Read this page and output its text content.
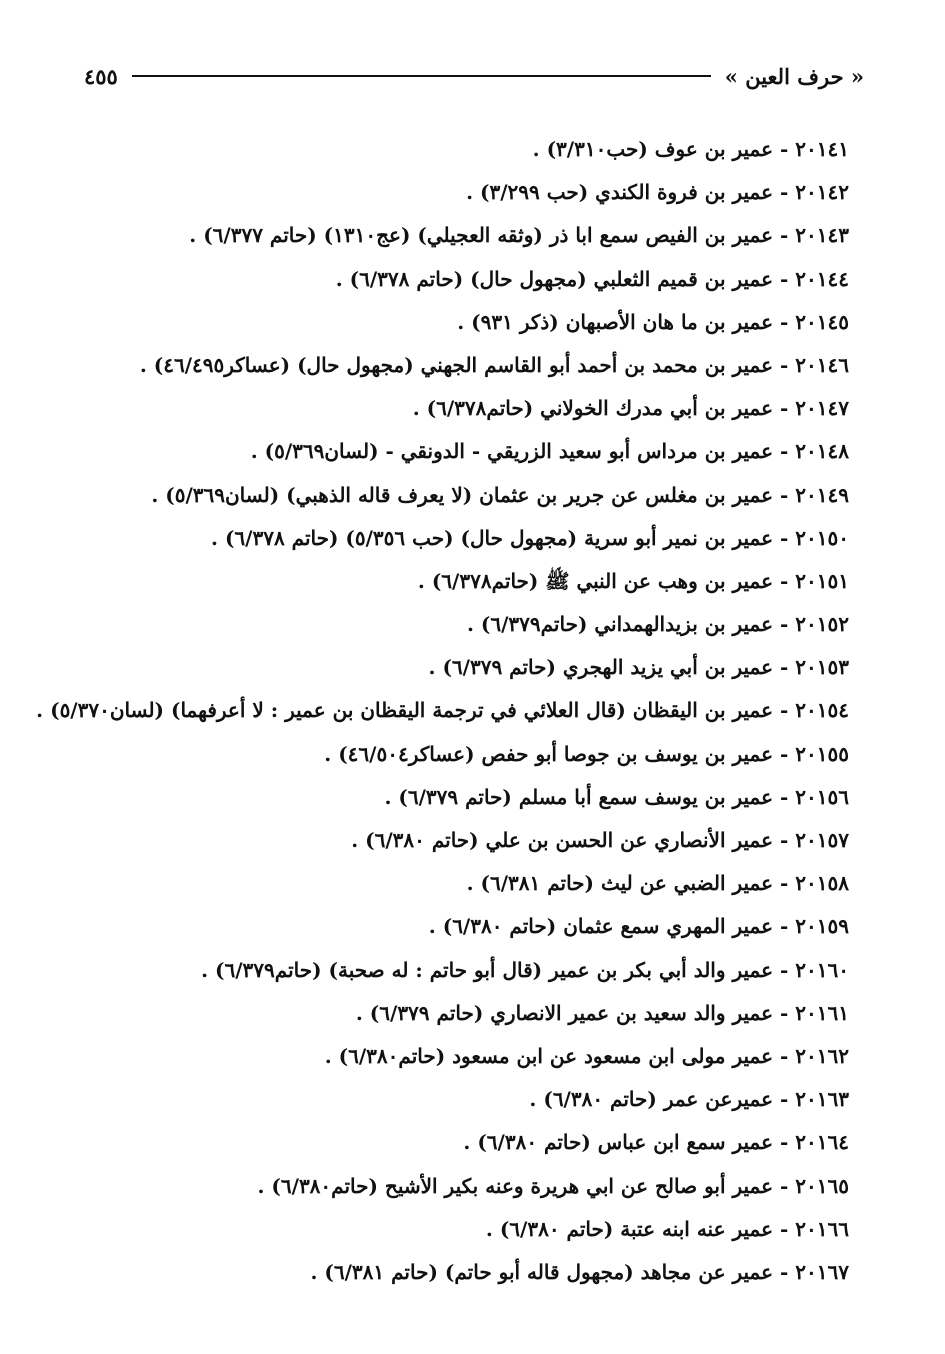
« حرف العين »
٤٥٥
٢٠١٤١ - عمير بن عوف (حب٣/٣١٠) .
٢٠١٤٢ - عمير بن فروة الكندي (حب ٣/٢٩٩) .
٢٠١٤٣ - عمير بن الفيص سمع ابا ذر (وثقه العجيلي) (عج١٣١٠) (حاتم ٦/٣٧٧) .
٢٠١٤٤ - عمير بن قميم الثعلبي (مجهول حال) (حاتم ٦/٣٧٨) .
٢٠١٤٥ - عمير بن ما هان الأصبهان (ذكر ٩٣١) .
٢٠١٤٦ - عمير بن محمد بن أحمد أبو القاسم الجهني (مجهول حال) (عساكر٤٦/٤٩٥) .
٢٠١٤٧ - عمير بن أبي مدرك الخولاني (حاتم٦/٣٧٨) .
٢٠١٤٨ - عمير بن مرداس أبو سعيد الزريقي - الدونقي - (لسان٥/٣٦٩) .
٢٠١٤٩ - عمير بن مغلس عن جرير بن عثمان (لا يعرف قاله الذهبي) (لسان٥/٣٦٩) .
٢٠١٥٠ - عمير بن نمير أبو سرية (مجهول حال) (حب ٥/٣٥٦) (حاتم ٦/٣٧٨) .
٢٠١٥١ - عمير بن وهب عن النبي ﷺ (حاتم٦/٣٧٨) .
٢٠١٥٢ - عمير بن بزيدالهمداني (حاتم٦/٣٧٩) .
٢٠١٥٣ - عمير بن أبي يزيد الهجري (حاتم ٦/٣٧٩) .
٢٠١٥٤ - عمير بن اليقظان (قال العلائي في ترجمة اليقظان بن عمير : لا أعرفهما) (لسان٥/٣٧٠) .
٢٠١٥٥ - عمير بن يوسف بن جوصا أبو حفص (عساكر٤٦/٥٠٤) .
٢٠١٥٦ - عمير بن يوسف سمع أبا مسلم (حاتم ٦/٣٧٩) .
٢٠١٥٧ - عمير الأنصاري عن الحسن بن علي (حاتم ٦/٣٨٠) .
٢٠١٥٨ - عمير الضبي عن ليث (حاتم ٦/٣٨١) .
٢٠١٥٩ - عمير المهري سمع عثمان (حاتم ٦/٣٨٠) .
٢٠١٦٠ - عمير والد أبي بكر بن عمير (قال أبو حاتم : له صحبة) (حاتم٦/٣٧٩) .
٢٠١٦١ - عمير والد سعيد بن عمير الانصاري (حاتم ٦/٣٧٩) .
٢٠١٦٢ - عمير مولى ابن مسعود عن ابن مسعود (حاتم٦/٣٨٠) .
٢٠١٦٣ - عميرعن عمر (حاتم ٦/٣٨٠) .
٢٠١٦٤ - عمير سمع ابن عباس (حاتم ٦/٣٨٠) .
٢٠١٦٥ - عمير أبو صالح عن ابي هريرة وعنه بكير الأشيح (حاتم٦/٣٨٠) .
٢٠١٦٦ - عمير عنه ابنه عتبة (حاتم ٦/٣٨٠) .
٢٠١٦٧ - عمير عن مجاهد (مجهول قاله أبو حاتم) (حاتم ٦/٣٨١) .
